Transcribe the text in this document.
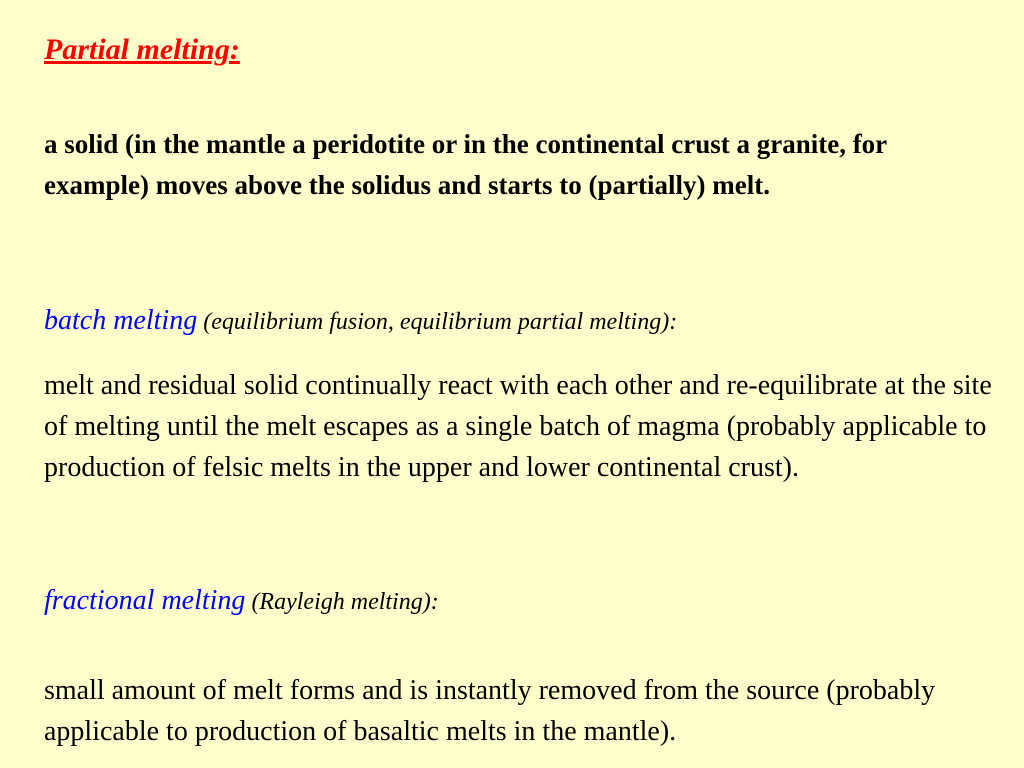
Partial melting:

a solid (in the mantle a peridotite or in the continental crust a granite, for example) moves above the solidus and starts to (partially) melt.

batch melting (equilibrium fusion, equilibrium partial melting):

melt and residual solid continually react with each other and re-equilibrate at the site of melting until the melt escapes as a single batch of magma (probably applicable to production of felsic melts in the upper and lower continental crust).

fractional melting (Rayleigh melting):

small amount of melt forms and is instantly removed from the source (probably applicable to production of basaltic melts in the mantle).
